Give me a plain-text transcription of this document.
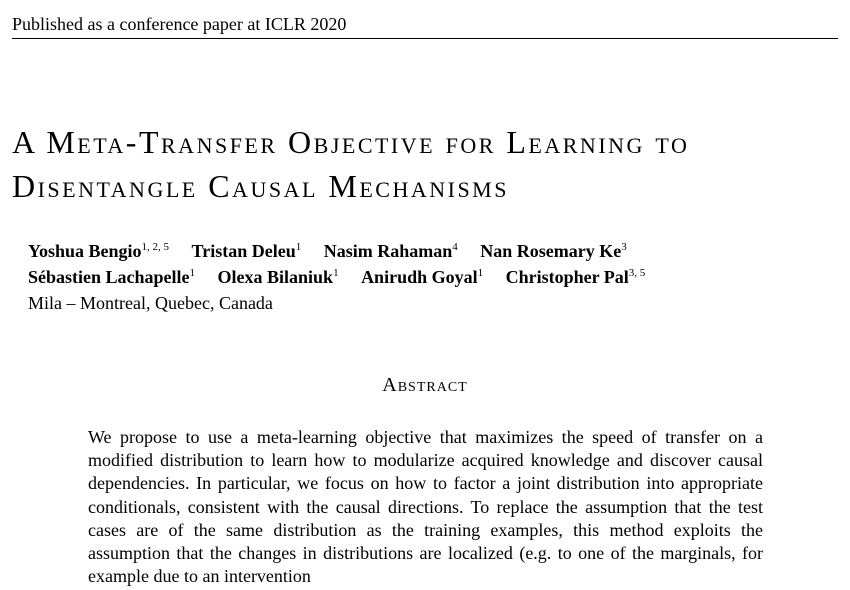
Published as a conference paper at ICLR 2020
A Meta-Transfer Objective for Learning to
Disentangle Causal Mechanisms
Yoshua Bengio$^{1, 2, 5}$ Tristan Deleu$^1$ Nasim Rahaman$^4$ Nan Rosemary Ke$^3$
Sébastien Lachapelle$^1$ Olexa Bilaniuk$^1$ Anirudh Goyal$^1$ Christopher Pal$^{3, 5}$
Mila – Montreal, Quebec, Canada
Abstract
We propose to use a meta-learning objective that maximizes the speed of transfer on a modified distribution to learn how to modularize acquired knowledge and discover causal dependencies. In particular, we focus on how to factor a joint distribution into appropriate conditionals, consistent with the causal directions. To replace the assumption that the test cases are of the same distribution as the training examples, this method exploits the assumption that the changes in distributions are localized (e.g. to one of the marginals, for example due to an intervention
